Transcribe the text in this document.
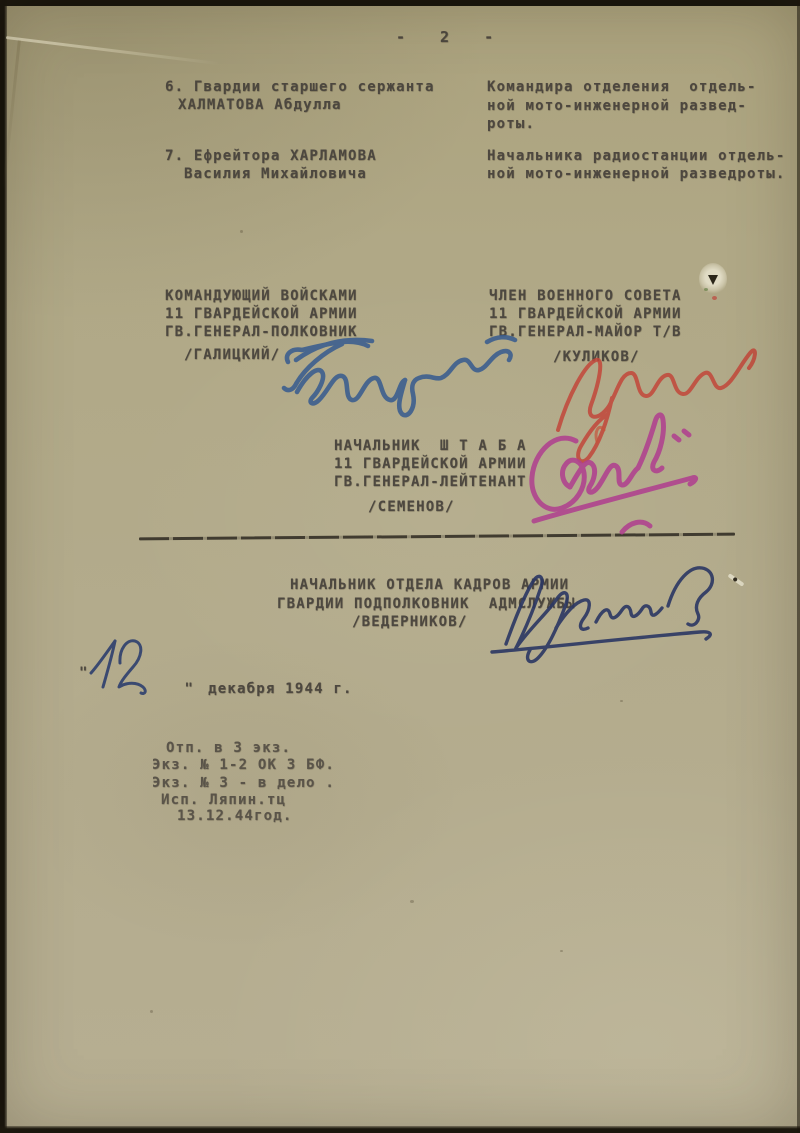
- 2 -
6. Гвардии старшего сержанта
ХАЛМАТОВА Абдулла
Командира отделения  отдель-
ной мото-инженерной развед-
роты.
7. Ефрейтора ХАРЛАМОВА
Василия Михайловича
Начальника радиостанции отдель-
ной мото-инженерной разведроты.
КОМАНДУЮЩИЙ ВОЙСКАМИ
11 ГВАРДЕЙСКОЙ АРМИИ
ГВ.ГЕНЕРАЛ-ПОЛКОВНИК
/ГАЛИЦКИЙ/
ЧЛЕН ВОЕННОГО СОВЕТА
11 ГВАРДЕЙСКОЙ АРМИИ
ГВ.ГЕНЕРАЛ-МАЙОР Т/В
/КУЛИКОВ/
НАЧАЛЬНИК  Ш Т А Б А
11 ГВАРДЕЙСКОЙ АРМИИ
ГВ.ГЕНЕРАЛ-ЛЕЙТЕНАНТ
/СЕМЕНОВ/
НАЧАЛЬНИК ОТДЕЛА КАДРОВ АРМИИ
ГВАРДИИ ПОДПОЛКОВНИК  АДМСЛУЖБЫ
/ВЕДЕРНИКОВ/
"

" декабря 1944 г.

Отп. в 3 экз.
Экз. № 1-2 ОК 3 БФ.
Экз. № 3 - в дело .
Исп. Ляпин.тц
13.12.44год.
